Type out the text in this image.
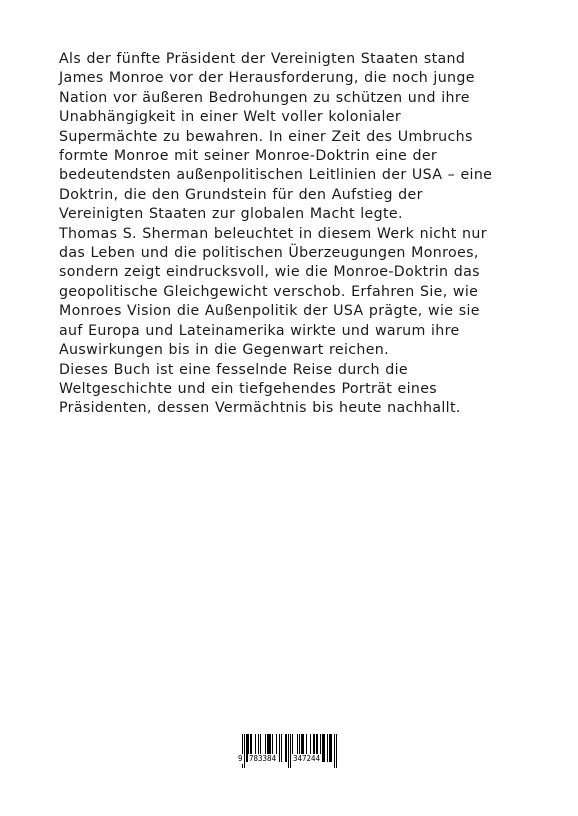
Als der fünfte Präsident der Vereinigten Staaten stand
James Monroe vor der Herausforderung, die noch junge
Nation vor äußeren Bedrohungen zu schützen und ihre
Unabhängigkeit in einer Welt voller kolonialer
Supermächte zu bewahren. In einer Zeit des Umbruchs
formte Monroe mit seiner Monroe-Doktrin eine der
bedeutendsten außenpolitischen Leitlinien der USA – eine
Doktrin, die den Grundstein für den Aufstieg der
Vereinigten Staaten zur globalen Macht legte.

Thomas S. Sherman beleuchtet in diesem Werk nicht nur
das Leben und die politischen Überzeugungen Monroes,
sondern zeigt eindrucksvoll, wie die Monroe-Doktrin das
geopolitische Gleichgewicht verschob. Erfahren Sie, wie
Monroes Vision die Außenpolitik der USA prägte, wie sie
auf Europa und Lateinamerika wirkte und warum ihre
Auswirkungen bis in die Gegenwart reichen.

Dieses Buch ist eine fesselnde Reise durch die
Weltgeschichte und ein tiefgehendes Porträt eines
Präsidenten, dessen Vermächtnis bis heute nachhallt.

9 783384 347244
